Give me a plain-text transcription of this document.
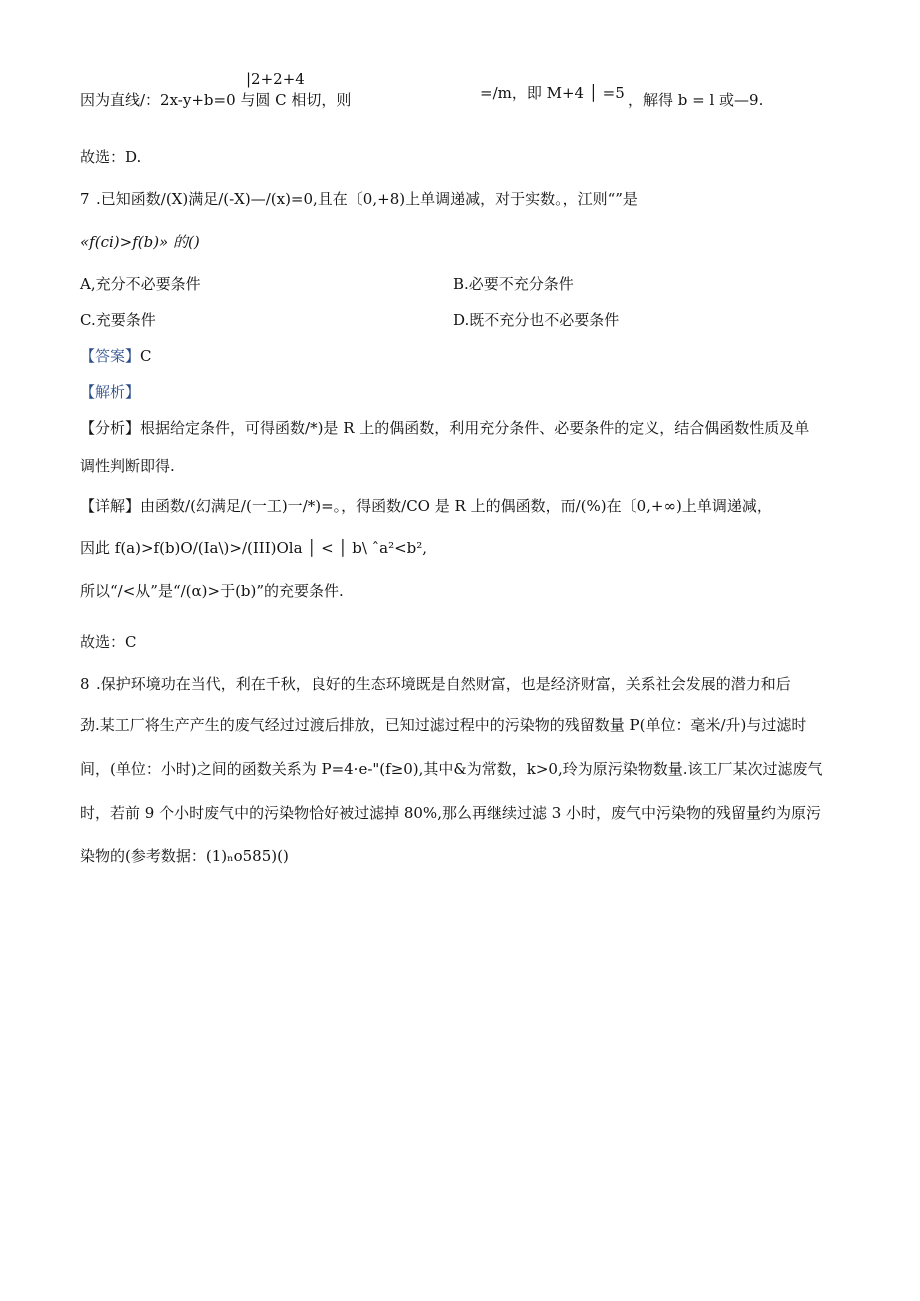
|2+2+4
因为直线/：2x-y+b=0 与圆 C 相切，则	=/m，即 M+4 │ =5 ，解得 b = l 或—9.
故选：D.
7 .已知函数/(X)满足/(-X)—/(x)=0,且在〔0,+8)上单调递减，对于实数。，江则“”是
«f(ci)>f(b)» 的()
A,充分不必要条件	B.必要不充分条件
C.充要条件	D.既不充分也不必要条件
【答案】C
【解析】
【分析】根据给定条件，可得函数/*)是 R 上的偶函数，利用充分条件、必要条件的定义，结合偶函数性质及单
调性判断即得.
【详解】由函数/(幻满足/(一工)一/*)=。，得函数/CO 是 R 上的偶函数，而/(%)在〔0,+∞)上单调递减，
因此 f(a)>f(b)O/(Ia\)>/(III)Ola │ < │ b\ ˆa²<b²,
所以“/<从”是“/(α)>于(b)”的充要条件.
故选：C
8 .保护环境功在当代，利在千秋，良好的生态环境既是自然财富，也是经济财富，关系社会发展的潜力和后
劲.某工厂将生产产生的废气经过过渡后排放，已知过滤过程中的污染物的残留数量 P(单位：毫米/升)与过滤时
间，(单位：小时)之间的函数关系为 P=4·e-"(f≥0),其中&为常数，k>0,玲为原污染物数量.该工厂某次过滤废气
时，若前 9 个小时废气中的污染物恰好被过滤掉 80%,那么再继续过滤 3 小时，废气中污染物的残留量约为原污
染物的(参考数据：(1)ₙo585)()
